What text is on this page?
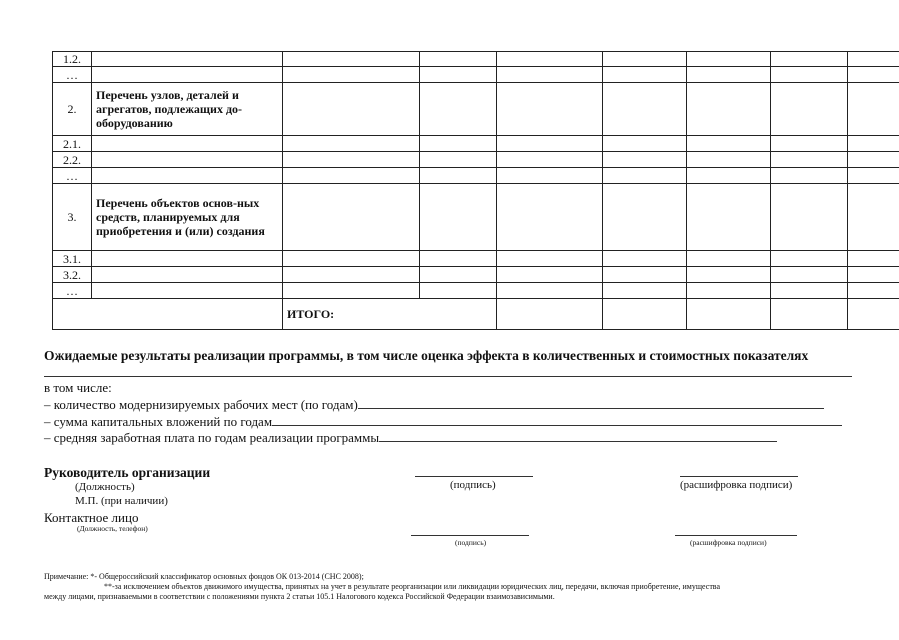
1.2.								
…								
2.	Перечень узлов, деталей и агрегатов, подлежащих до-оборудованию							
2.1.								
2.2.								
…								
3.	Перечень объектов основ-ных средств, планируемых для приобретения и (или) создания							
3.1.								
3.2.								
…								
		ИТОГО:						
Ожидаемые результаты реализации программы, в том числе оценка эффекта в количественных и стоимостных показателях
в том числе:
– количество модернизируемых рабочих мест (по годам)
– сумма капитальных вложений по годам
– средняя заработная плата по годам реализации программы
Руководитель организации
(Должность)
М.П. (при наличии)
(подпись)	(расшифровка подписи)
Контактное лицо
(Должность, телефон)
(подпись)	(расшифровка подписи)
Примечание: *- Общероссийский классификатор основных фондов ОК 013-2014 (СНС 2008);
**-за исключением объектов движимого имущества, принятых на учет в результате реорганизации или ликвидации юридических лиц, передачи, включая приобретение, имущества
между лицами, признаваемыми в соответствии с положениями пункта 2 статьи 105.1 Налогового кодекса Российской Федерации взаимозависимыми.
